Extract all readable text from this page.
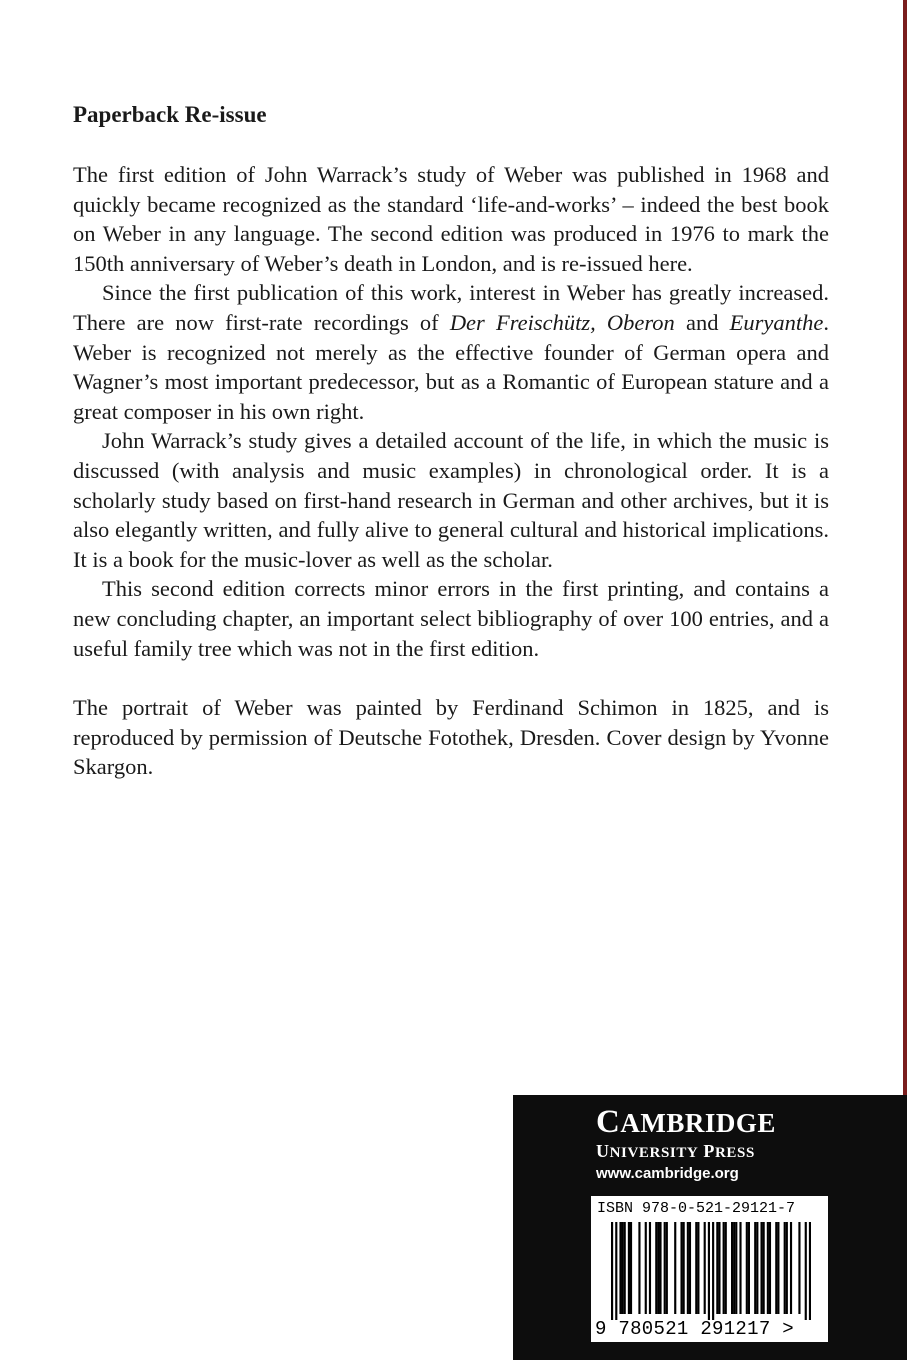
Paperback Re-issue

The first edition of John Warrack’s study of Weber was published in 1968 and quickly became recognized as the standard ‘life-and-works’ – indeed the best book on Weber in any language. The second edition was produced in 1976 to mark the 150th anniversary of Weber’s death in London, and is re-issued here.

Since the first publication of this work, interest in Weber has greatly increased. There are now first-rate recordings of Der Freischütz, Oberon and Euryanthe. Weber is recognized not merely as the effective founder of German opera and Wagner’s most important predecessor, but as a Romantic of European stature and a great composer in his own right.

John Warrack’s study gives a detailed account of the life, in which the music is discussed (with analysis and music examples) in chronological order. It is a scholarly study based on first-hand research in German and other archives, but it is also elegantly written, and fully alive to general cultural and historical implications. It is a book for the music-lover as well as the scholar.

This second edition corrects minor errors in the first printing, and contains a new concluding chapter, an important select bibliography of over 100 entries, and a useful family tree which was not in the first edition.

The portrait of Weber was painted by Ferdinand Schimon in 1825, and is reproduced by permission of Deutsche Fotothek, Dresden. Cover design by Yvonne Skargon.

CAMBRIDGE
UNIVERSITY PRESS
www.cambridge.org
ISBN 978-0-521-29121-7
9 780521 291217 >
